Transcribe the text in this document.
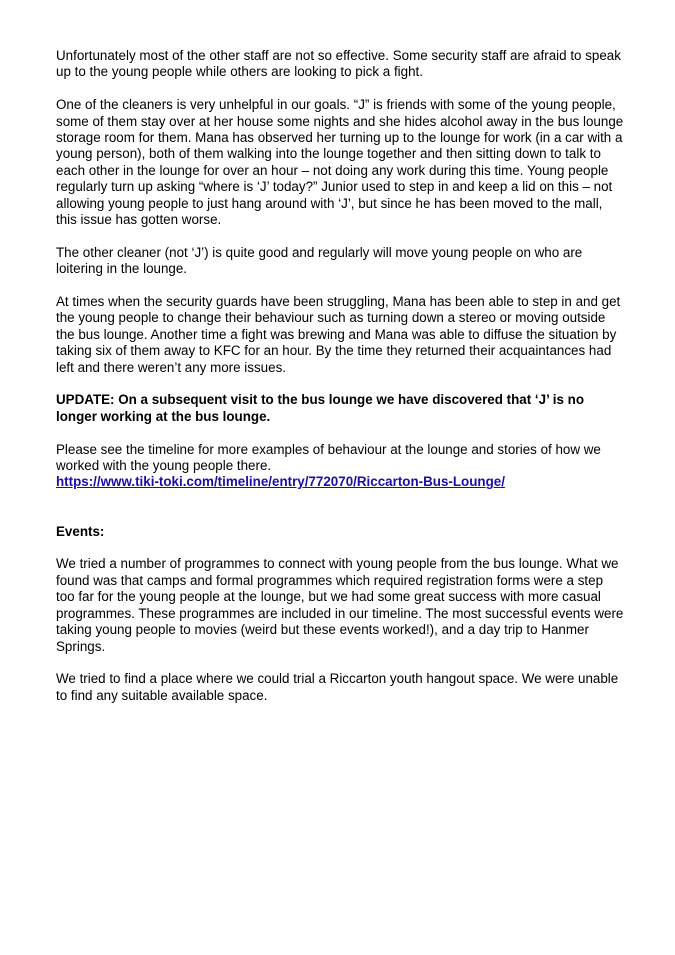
Unfortunately most of the other staff are not so effective. Some security staff are afraid to speak up to the young people while others are looking to pick a fight.

One of the cleaners is very unhelpful in our goals. “J” is friends with some of the young people, some of them stay over at her house some nights and she hides alcohol away in the bus lounge storage room for them. Mana has observed her turning up to the lounge for work (in a car with a young person), both of them walking into the lounge together and then sitting down to talk to each other in the lounge for over an hour – not doing any work during this time. Young people regularly turn up asking “where is ‘J’ today?” Junior used to step in and keep a lid on this – not allowing young people to just hang around with ‘J’, but since he has been moved to the mall, this issue has gotten worse.

The other cleaner (not ‘J’) is quite good and regularly will move young people on who are loitering in the lounge.

At times when the security guards have been struggling, Mana has been able to step in and get the young people to change their behaviour such as turning down a stereo or moving outside the bus lounge. Another time a fight was brewing and Mana was able to diffuse the situation by taking six of them away to KFC for an hour. By the time they returned their acquaintances had left and there weren’t any more issues.

UPDATE: On a subsequent visit to the bus lounge we have discovered that ‘J’ is no longer working at the bus lounge.

Please see the timeline for more examples of behaviour at the lounge and stories of how we worked with the young people there.
https://www.tiki-toki.com/timeline/entry/772070/Riccarton-Bus-Lounge/

Events:

We tried a number of programmes to connect with young people from the bus lounge. What we found was that camps and formal programmes which required registration forms were a step too far for the young people at the lounge, but we had some great success with more casual programmes. These programmes are included in our timeline. The most successful events were taking young people to movies (weird but these events worked!), and a day trip to Hanmer Springs.

We tried to find a place where we could trial a Riccarton youth hangout space. We were unable to find any suitable available space.
